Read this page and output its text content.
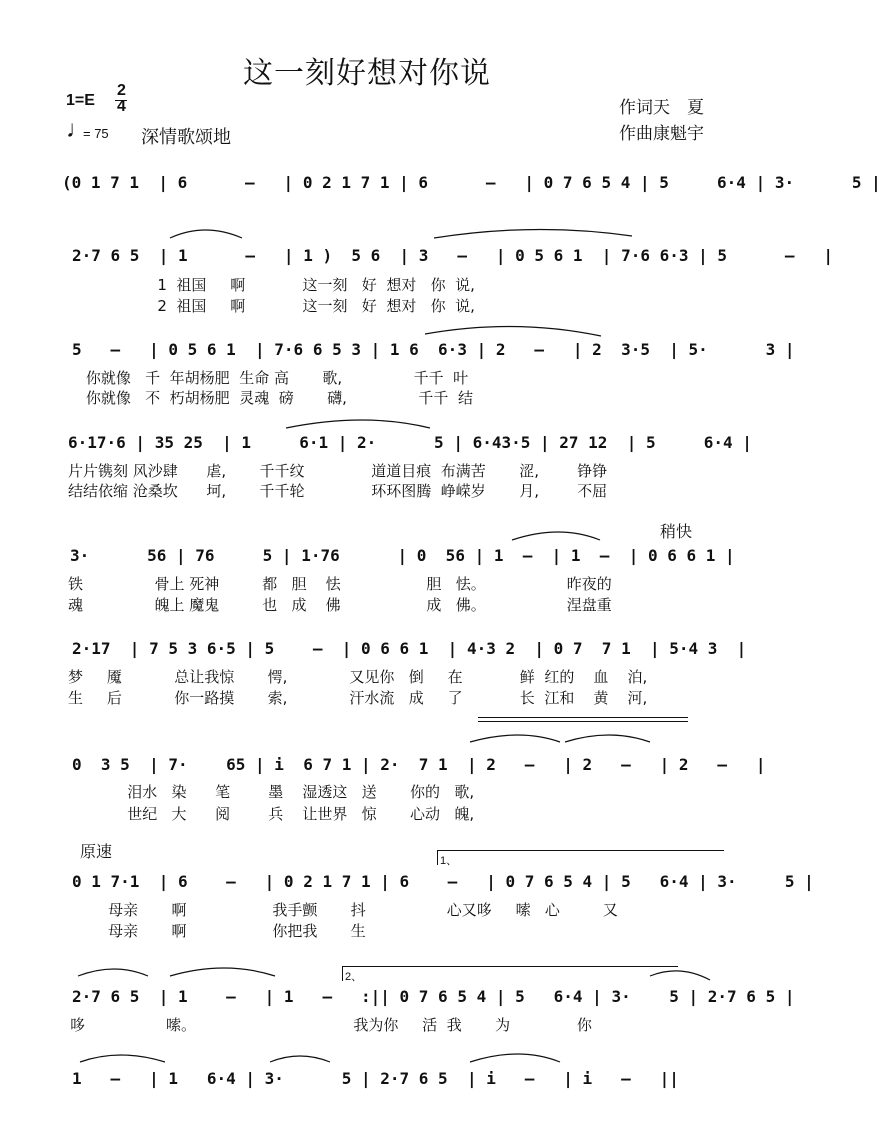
这一刻好想对你说
1=E
2
4
♩
= 75 深情歌颂地
作词天　夏
作曲康魁宇
稍快
原速	1、
2、
(0 1 7 1  | 6      —   | 0 2 1 7 1 | 6      —   | 0 7 6 5 4 | 5     6·4 | 3·      5 |
2·7 6 5  | 1      —   | 1 )  5 6  | 3   —   | 0 5 6 1  | 7·6 6·3 | 5      —   |
1  祖国     啊            这一刻   好  想对   你  说,
2  祖国     啊            这一刻   好  想对   你  说,
5   —   | 0 5 6 1  | 7·6 6 5 3 | 1 6  6·3 | 2   —   | 2  3·5  | 5·      3 |
你就像   千  年胡杨肥  生命 高       歌,               千千  叶
你就像   不  朽胡杨肥  灵魂  磅       礴,               千千  结
6·17·6 | 35 25  | 1     6·1 | 2·      5 | 6·43·5 | 27 12  | 5     6·4 |
片片镌刻 风沙肆      虐,       千千纹              道道目痕  布满苦       涩,        铮铮
结结依缩 沧桑坎      坷,       千千轮              环环图腾  峥嵘岁       月,        不屈
3·      56 | 76     5 | 1·76      | 0  56 | 1  —  | 1  —  | 0 6 6 1 |
铁               骨上 死神         都   胆    怯                  胆   怯。                 昨夜的
魂               魄上 魔鬼         也   成    佛                  成   佛。                 涅盘重
2·17  | 7 5 3 6·5 | 5    —  | 0 6 6 1  | 4·3 2  | 0 7  7 1  | 5·4 3  |
梦     魇           总让我惊       愕,             又见你   倒     在            鲜  红的    血    泊,
生     后           你一路摸       索,             汗水流   成     了            长  江和    黄    河,
0  3 5  | 7·    65 | i  6 7 1 | 2·  7 1  | 2   —   | 2   —   | 2   —   |
泪水   染      笔        墨    湿透这   送       你的   歌,
世纪   大      阅        兵    让世界   惊       心动   魄,
0 1 7·1  | 6    —   | 0 2 1 7 1 | 6    —   | 0 7 6 5 4 | 5   6·4 | 3·     5 |
母亲       啊                  我手颤       抖                 心又哆     嗦   心         又
母亲       啊                  你把我       生
2·7 6 5  | 1    —   | 1   —   :|| 0 7 6 5 4 | 5   6·4 | 3·    5 | 2·7 6 5 |
哆                 嗦。                                 我为你     活  我       为              你
1   —   | 1   6·4 | 3·      5 | 2·7 6 5  | i   —   | i   —   ||
